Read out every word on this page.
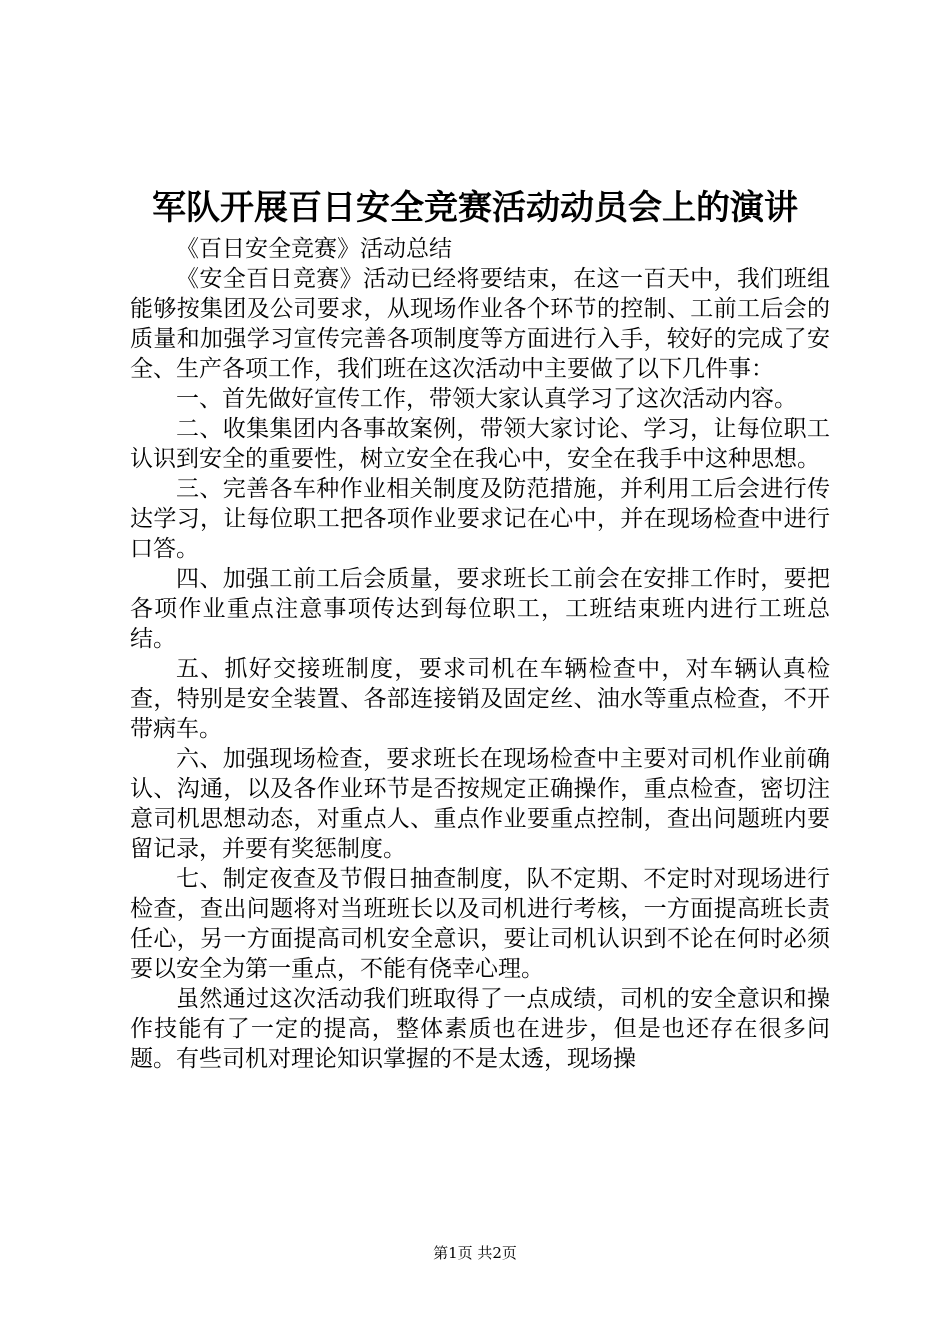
军队开展百日安全竞赛活动动员会上的演讲

《百日安全竞赛》活动总结

《安全百日竞赛》活动已经将要结束，在这一百天中，我们班组能够按集团及公司要求，从现场作业各个环节的控制、工前工后会的质量和加强学习宣传完善各项制度等方面进行入手，较好的完成了安全、生产各项工作，我们班在这次活动中主要做了以下几件事：

一、首先做好宣传工作，带领大家认真学习了这次活动内容。

二、收集集团内各事故案例，带领大家讨论、学习，让每位职工认识到安全的重要性，树立安全在我心中，安全在我手中这种思想。

三、完善各车种作业相关制度及防范措施，并利用工后会进行传达学习，让每位职工把各项作业要求记在心中，并在现场检查中进行口答。

四、加强工前工后会质量，要求班长工前会在安排工作时，要把各项作业重点注意事项传达到每位职工，工班结束班内进行工班总结。

五、抓好交接班制度，要求司机在车辆检查中，对车辆认真检查，特别是安全装置、各部连接销及固定丝、油水等重点检查，不开带病车。

六、加强现场检查，要求班长在现场检查中主要对司机作业前确认、沟通，以及各作业环节是否按规定正确操作，重点检查，密切注意司机思想动态，对重点人、重点作业要重点控制，查出问题班内要留记录，并要有奖惩制度。

七、制定夜查及节假日抽查制度，队不定期、不定时对现场进行检查，查出问题将对当班班长以及司机进行考核，一方面提高班长责任心，另一方面提高司机安全意识，要让司机认识到不论在何时必须要以安全为第一重点，不能有侥幸心理。

虽然通过这次活动我们班取得了一点成绩，司机的安全意识和操作技能有了一定的提高，整体素质也在进步，但是也还存在很多问题。有些司机对理论知识掌握的不是太透，现场操

第1页 共2页
